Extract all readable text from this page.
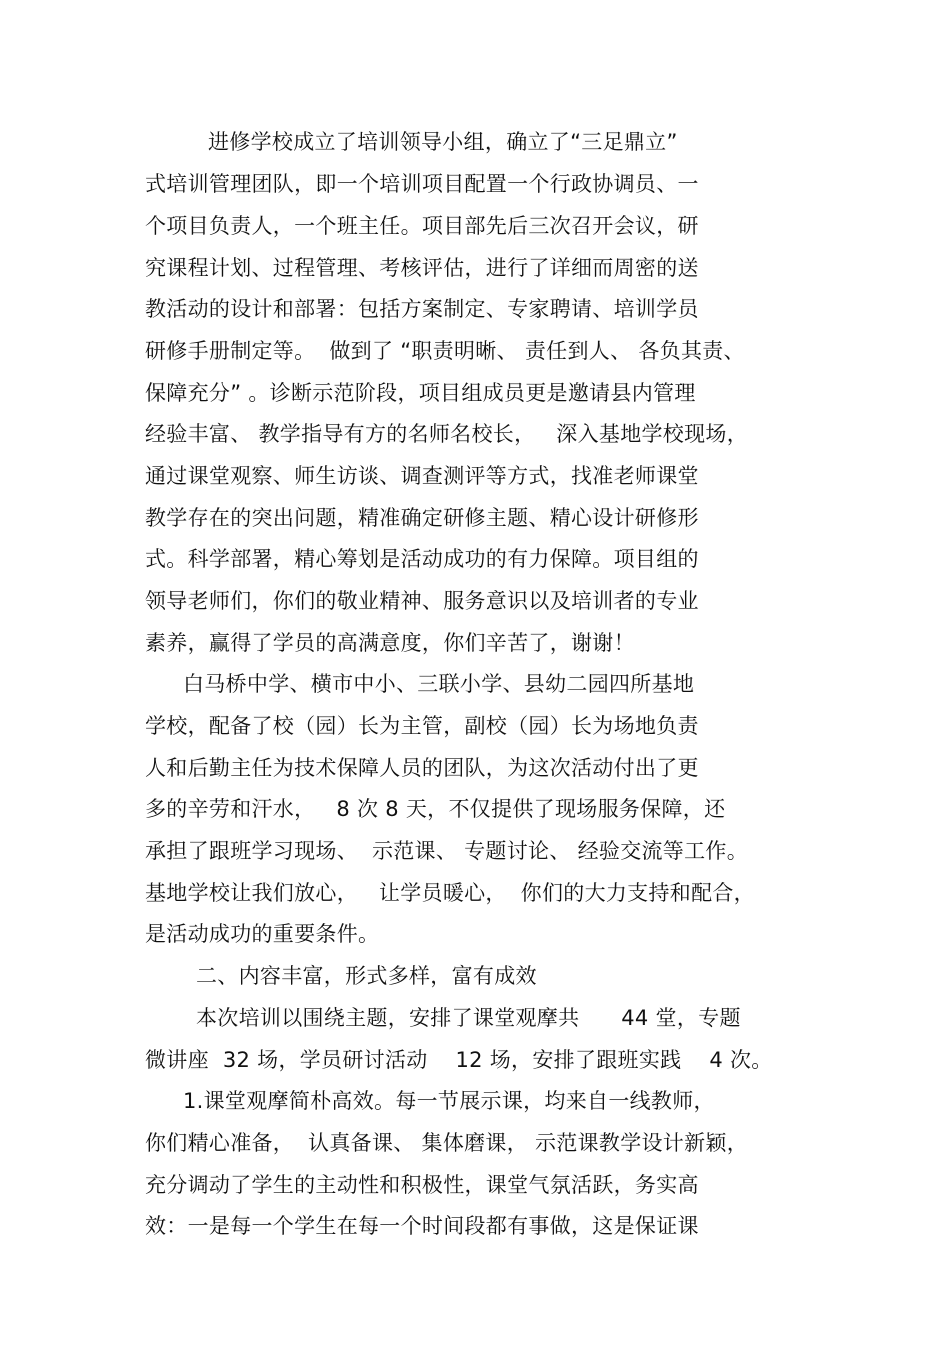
进修学校成立了培训领导小组，确立了“三足鼎立”
式培训管理团队，即一个培训项目配置一个行政协调员、一
个项目负责人，一个班主任。项目部先后三次召开会议，研
究课程计划、过程管理、考核评估，进行了详细而周密的送
教活动的设计和部署：包括方案制定、专家聘请、培训学员
研修手册制定等。  做到了 “职责明晰、 责任到人、 各负其责、
保障充分” 。诊断示范阶段，项目组成员更是邀请县内管理
经验丰富、 教学指导有方的名师名校长，   深入基地学校现场，
通过课堂观察、师生访谈、调查测评等方式，找准老师课堂
教学存在的突出问题，精准确定研修主题、精心设计研修形
式。科学部署，精心筹划是活动成功的有力保障。项目组的
领导老师们，你们的敬业精神、服务意识以及培训者的专业
素养，赢得了学员的高满意度，你们辛苦了，谢谢！
白马桥中学、横市中小、三联小学、县幼二园四所基地
学校，配备了校（园）长为主管，副校（园）长为场地负责
人和后勤主任为技术保障人员的团队，为这次活动付出了更
多的辛劳和汗水，   8 次 8 天，不仅提供了现场服务保障，还
承担了跟班学习现场、  示范课、 专题讨论、 经验交流等工作。
基地学校让我们放心，   让学员暖心，  你们的大力支持和配合，
是活动成功的重要条件。
二、内容丰富，形式多样，富有成效
本次培训以围绕主题，安排了课堂观摩共      44 堂，专题
微讲座  32 场，学员研讨活动    12 场，安排了跟班实践    4 次。
1.课堂观摩简朴高效。每一节展示课，均来自一线教师，
你们精心准备，  认真备课、 集体磨课， 示范课教学设计新颖，
充分调动了学生的主动性和积极性，课堂气氛活跃，务实高
效：一是每一个学生在每一个时间段都有事做，这是保证课
